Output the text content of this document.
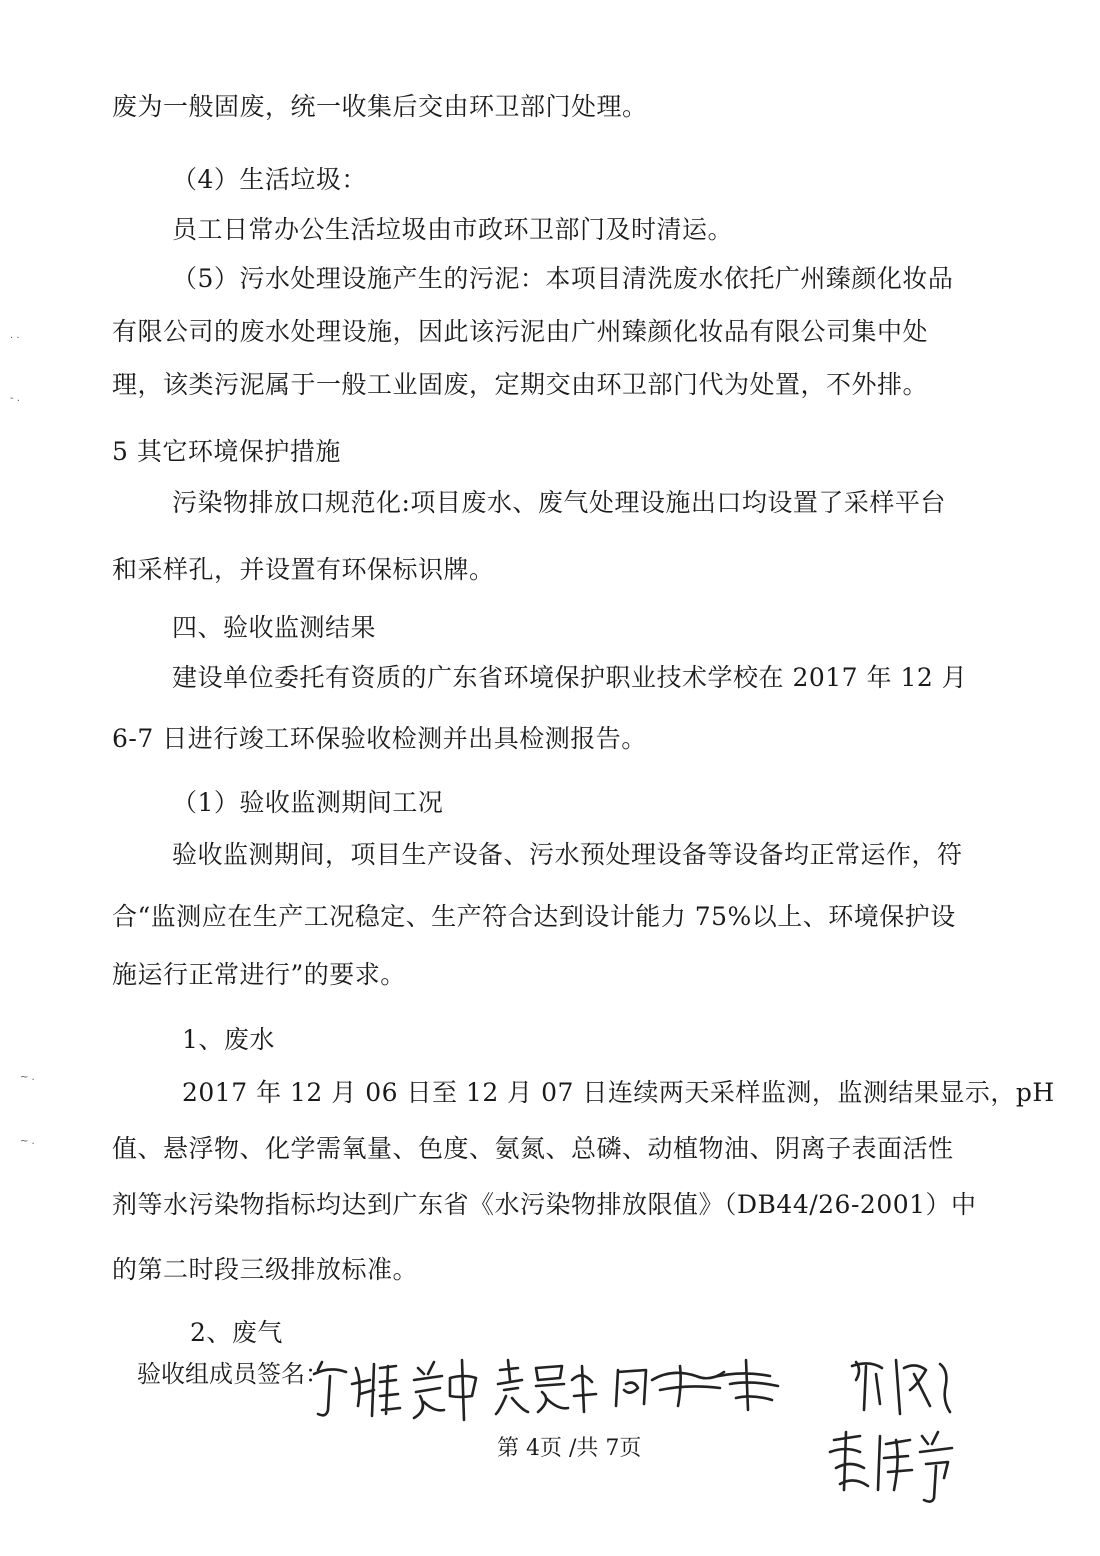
废为一般固废，统一收集后交由环卫部门处理。
（4）生活垃圾：
员工日常办公生活垃圾由市政环卫部门及时清运。
（5）污水处理设施产生的污泥：本项目清洗废水依托广州臻颜化妆品
有限公司的废水处理设施，因此该污泥由广州臻颜化妆品有限公司集中处
理，该类污泥属于一般工业固废，定期交由环卫部门代为处置，不外排。
5 其它环境保护措施
污染物排放口规范化:项目废水、废气处理设施出口均设置了采样平台
和采样孔，并设置有环保标识牌。
四、验收监测结果
建设单位委托有资质的广东省环境保护职业技术学校在 2017 年 12 月
6-7 日进行竣工环保验收检测并出具检测报告。
（1）验收监测期间工况
验收监测期间，项目生产设备、污水预处理设备等设备均正常运作，符
合“监测应在生产工况稳定、生产符合达到设计能力 75%以上、环境保护设
施运行正常进行”的要求。
1、废水
2017 年 12 月 06 日至 12 月 07 日连续两天采样监测，监测结果显示，pH
值、悬浮物、化学需氧量、色度、氨氮、总磷、动植物油、阴离子表面活性
剂等水污染物指标均达到广东省《水污染物排放限值》（DB44/26-2001）中
的第二时段三级排放标准。
2、废气
验收组成员签名：
第 4页 /共 7页
. .
- .
~ .
~ .
